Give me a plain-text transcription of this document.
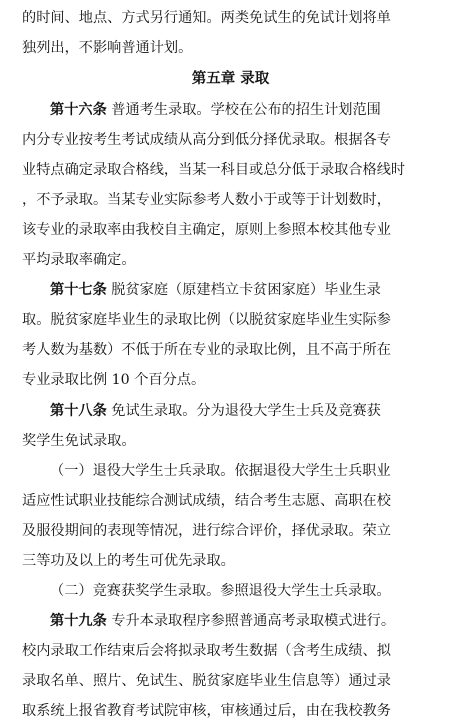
的时间、地点、方式另行通知。两类免试生的免试计划将单
独列出，不影响普通计划。
第五章 录取
第十六条 普通考生录取。学校在公布的招生计划范围
内分专业按考生考试成绩从高分到低分择优录取。根据各专
业特点确定录取合格线，当某一科目或总分低于录取合格线时
，不予录取。当某专业实际参考人数小于或等于计划数时，
该专业的录取率由我校自主确定，原则上参照本校其他专业
平均录取率确定。
第十七条 脱贫家庭（原建档立卡贫困家庭）毕业生录
取。脱贫家庭毕业生的录取比例（以脱贫家庭毕业生实际参
考人数为基数）不低于所在专业的录取比例，且不高于所在
专业录取比例 10 个百分点。
第十八条 免试生录取。分为退役大学生士兵及竞赛获
奖学生免试录取。
（一）退役大学生士兵录取。依据退役大学生士兵职业
适应性试职业技能综合测试成绩，结合考生志愿、高职在校
及服役期间的表现等情况，进行综合评价，择优录取。荣立
三等功及以上的考生可优先录取。
（二）竞赛获奖学生录取。参照退役大学生士兵录取。
第十九条 专升本录取程序参照普通高考录取模式进行。
校内录取工作结束后会将拟录取考生数据（含考生成绩、拟
录取名单、照片、免试生、脱贫家庭毕业生信息等）通过录
取系统上报省教育考试院审核，审核通过后，由在我校教务
